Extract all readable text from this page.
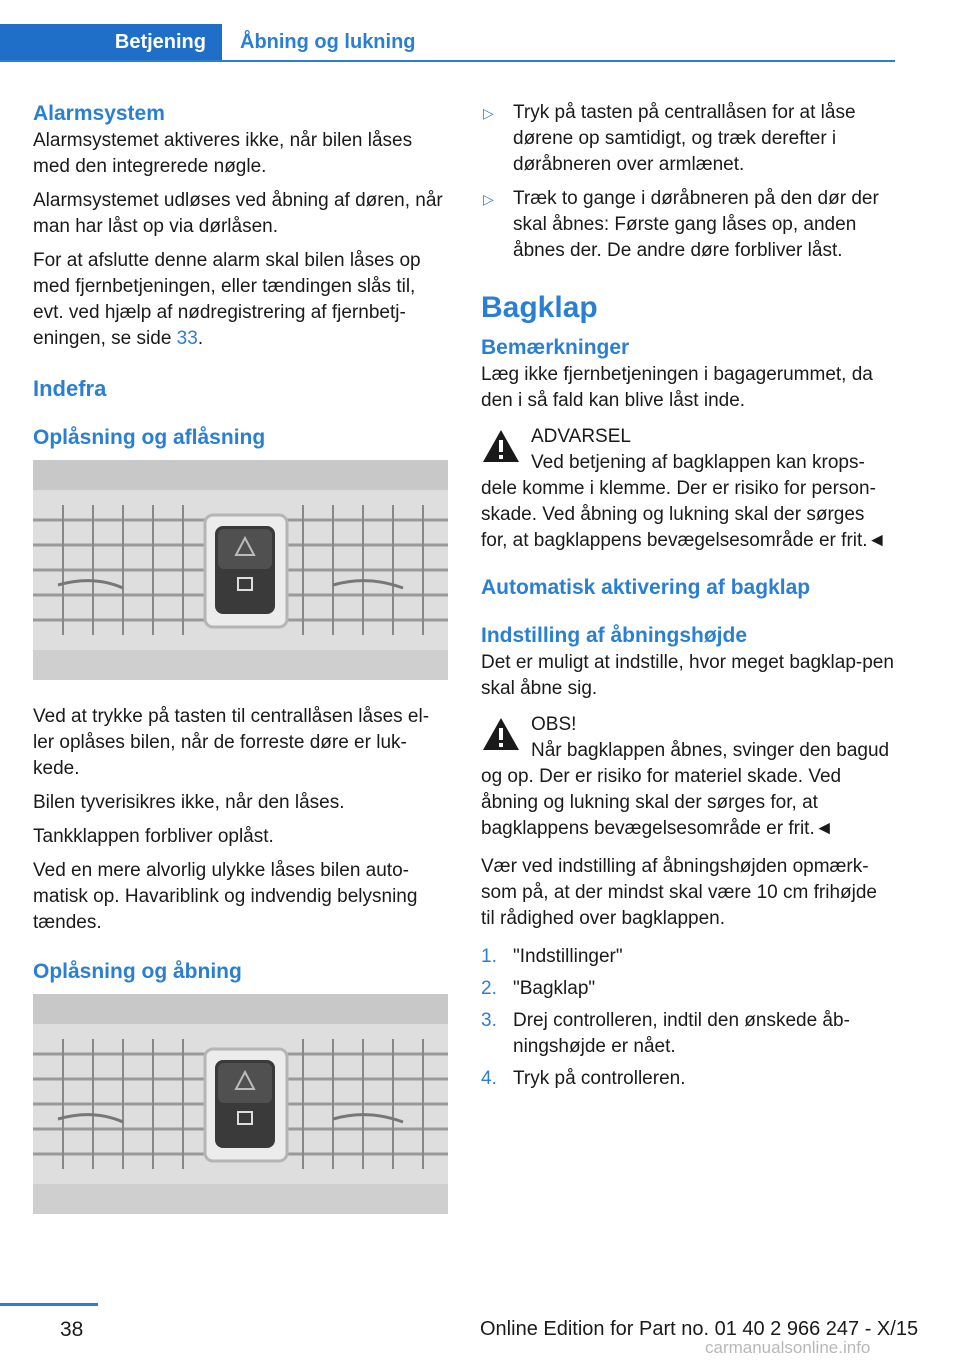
Betjening	Åbning og lukning
Alarmsystem

Alarmsystemet aktiveres ikke, når bilen låses med den integrerede nøgle.

Alarmsystemet udløses ved åbning af døren, når man har låst op via dørlåsen.

For at afslutte denne alarm skal bilen låses op med fjernbetjeningen, eller tændingen slås til, evt. ved hjælp af nødregistrering af fjernbetj‐eningen, se side 33.

Indefra
Oplåsning og aflåsning

Ved at trykke på tasten til centrallåsen låses el‐ler oplåses bilen, når de forreste døre er luk‐kede.

Bilen tyverisikres ikke, når den låses.

Tankklappen forbliver oplåst.

Ved en mere alvorlig ulykke låses bilen auto‐matisk op. Havariblink og indvendig belysning tændes.

Oplåsning og åbning
▷ Tryk på tasten på centrallåsen for at låse dørene op samtidigt, og træk derefter i døråbneren over armlænet.
▷ Træk to gange i døråbneren på den dør der skal åbnes: Første gang låses op, anden åbnes der. De andre døre forbliver låst.
Bagklap
Bemærkninger

Læg ikke fjernbetjeningen i bagagerummet, da den i så fald kan blive låst inde.

ADVARSEL
Ved betjening af bagklappen kan krops‐dele komme i klemme. Der er risiko for person‐skade. Ved åbning og lukning skal der sørges for, at bagklappens bevægelsesområde er frit.◄
Automatisk aktivering af bagklap
Indstilling af åbningshøjde

Det er muligt at indstille, hvor meget bagklap‐pen skal åbne sig.

OBS!
Når bagklappen åbnes, svinger den bagud og op. Der er risiko for materiel skade. Ved åbning og lukning skal der sørges for, at bagklappens bevægelsesområde er frit.◄

Vær ved indstilling af åbningshøjden opmærk‐som på, at der mindst skal være 10 cm frihøjde til rådighed over bagklappen.

1. "Indstillinger"
2. "Bagklap"
3. Drej controlleren, indtil den ønskede åb‐ningshøjde er nået.
4. Tryk på controlleren.
38	Online Edition for Part no. 01 40 2 966 247 - X/15
carmanualsonline.info
